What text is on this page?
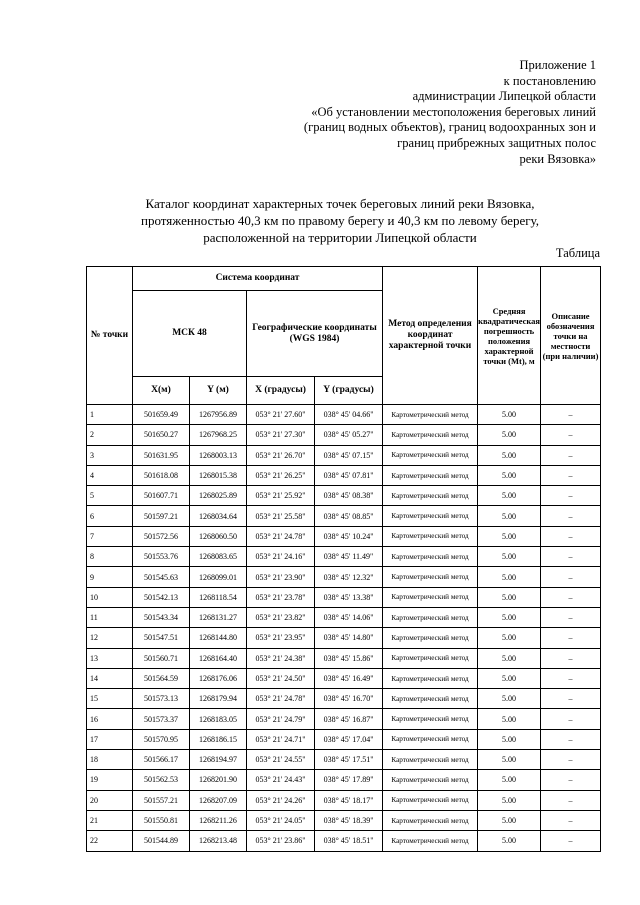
Приложение 1
к постановлению
администрации Липецкой области
«Об установлении местоположения береговых линий
(границ водных объектов), границ водоохранных зон и
границ прибрежных защитных полос
реки Вязовка»
Каталог координат характерных точек береговых линий реки Вязовка,
протяженностью 40,3 км по правому берегу и 40,3 км по левому берегу,
расположенной на территории Липецкой области
Таблица
№ точки	Система координат				Метод определения координат характерной точки	Средняя квадратическая погрешность положения характерной точки (Mt), м	Описание обозначения точки на местности (при наличии)
	МСК 48		Географические координаты (WGS 1984)				
	X(м)	Y (м)	X (градусы)	Y (градусы)			
1	501659.49	1267956.89	053° 21' 27.60"	038° 45' 04.66"	Картометрический метод	5.00	–
2	501650.27	1267968.25	053° 21' 27.30"	038° 45' 05.27"	Картометрический метод	5.00	–
3	501631.95	1268003.13	053° 21' 26.70"	038° 45' 07.15"	Картометрический метод	5.00	–
4	501618.08	1268015.38	053° 21' 26.25"	038° 45' 07.81"	Картометрический метод	5.00	–
5	501607.71	1268025.89	053° 21' 25.92"	038° 45' 08.38"	Картометрический метод	5.00	–
6	501597.21	1268034.64	053° 21' 25.58"	038° 45' 08.85"	Картометрический метод	5.00	–
7	501572.56	1268060.50	053° 21' 24.78"	038° 45' 10.24"	Картометрический метод	5.00	–
8	501553.76	1268083.65	053° 21' 24.16"	038° 45' 11.49"	Картометрический метод	5.00	–
9	501545.63	1268099.01	053° 21' 23.90"	038° 45' 12.32"	Картометрический метод	5.00	–
10	501542.13	1268118.54	053° 21' 23.78"	038° 45' 13.38"	Картометрический метод	5.00	–
11	501543.34	1268131.27	053° 21' 23.82"	038° 45' 14.06"	Картометрический метод	5.00	–
12	501547.51	1268144.80	053° 21' 23.95"	038° 45' 14.80"	Картометрический метод	5.00	–
13	501560.71	1268164.40	053° 21' 24.38"	038° 45' 15.86"	Картометрический метод	5.00	–
14	501564.59	1268176.06	053° 21' 24.50"	038° 45' 16.49"	Картометрический метод	5.00	–
15	501573.13	1268179.94	053° 21' 24.78"	038° 45' 16.70"	Картометрический метод	5.00	–
16	501573.37	1268183.05	053° 21' 24.79"	038° 45' 16.87"	Картометрический метод	5.00	–
17	501570.95	1268186.15	053° 21' 24.71"	038° 45' 17.04"	Картометрический метод	5.00	–
18	501566.17	1268194.97	053° 21' 24.55"	038° 45' 17.51"	Картометрический метод	5.00	–
19	501562.53	1268201.90	053° 21' 24.43"	038° 45' 17.89"	Картометрический метод	5.00	–
20	501557.21	1268207.09	053° 21' 24.26"	038° 45' 18.17"	Картометрический метод	5.00	–
21	501550.81	1268211.26	053° 21' 24.05"	038° 45' 18.39"	Картометрический метод	5.00	–
22	501544.89	1268213.48	053° 21' 23.86"	038° 45' 18.51"	Картометрический метод	5.00	–
